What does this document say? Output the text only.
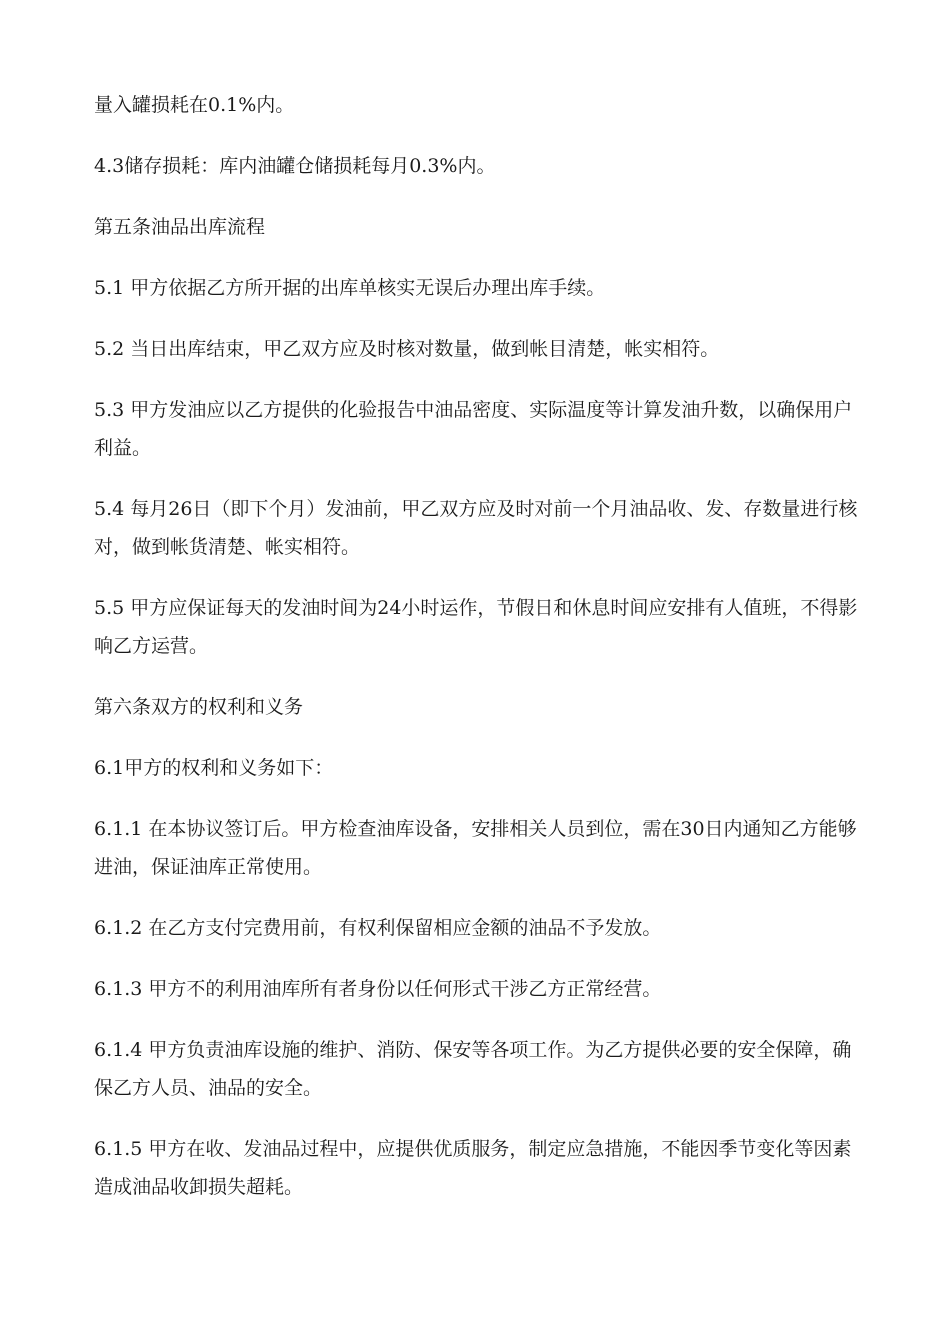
量入罐损耗在0.1%内。

4.3储存损耗：库内油罐仓储损耗每月0.3%内。

第五条油品出库流程

5.1 甲方依据乙方所开据的出库单核实无误后办理出库手续。

5.2 当日出库结束，甲乙双方应及时核对数量，做到帐目清楚，帐实相符。

5.3 甲方发油应以乙方提供的化验报告中油品密度、实际温度等计算发油升数，以确保用户利益。

5.4 每月26日（即下个月）发油前，甲乙双方应及时对前一个月油品收、发、存数量进行核对，做到帐货清楚、帐实相符。

5.5 甲方应保证每天的发油时间为24小时运作，节假日和休息时间应安排有人值班，不得影响乙方运营。

第六条双方的权利和义务

6.1甲方的权利和义务如下：

6.1.1 在本协议签订后。甲方检查油库设备，安排相关人员到位，需在30日内通知乙方能够进油，保证油库正常使用。

6.1.2 在乙方支付完费用前，有权利保留相应金额的油品不予发放。

6.1.3 甲方不的利用油库所有者身份以任何形式干涉乙方正常经营。

6.1.4 甲方负责油库设施的维护、消防、保安等各项工作。为乙方提供必要的安全保障，确保乙方人员、油品的安全。

6.1.5 甲方在收、发油品过程中，应提供优质服务，制定应急措施，不能因季节变化等因素造成油品收卸损失超耗。
